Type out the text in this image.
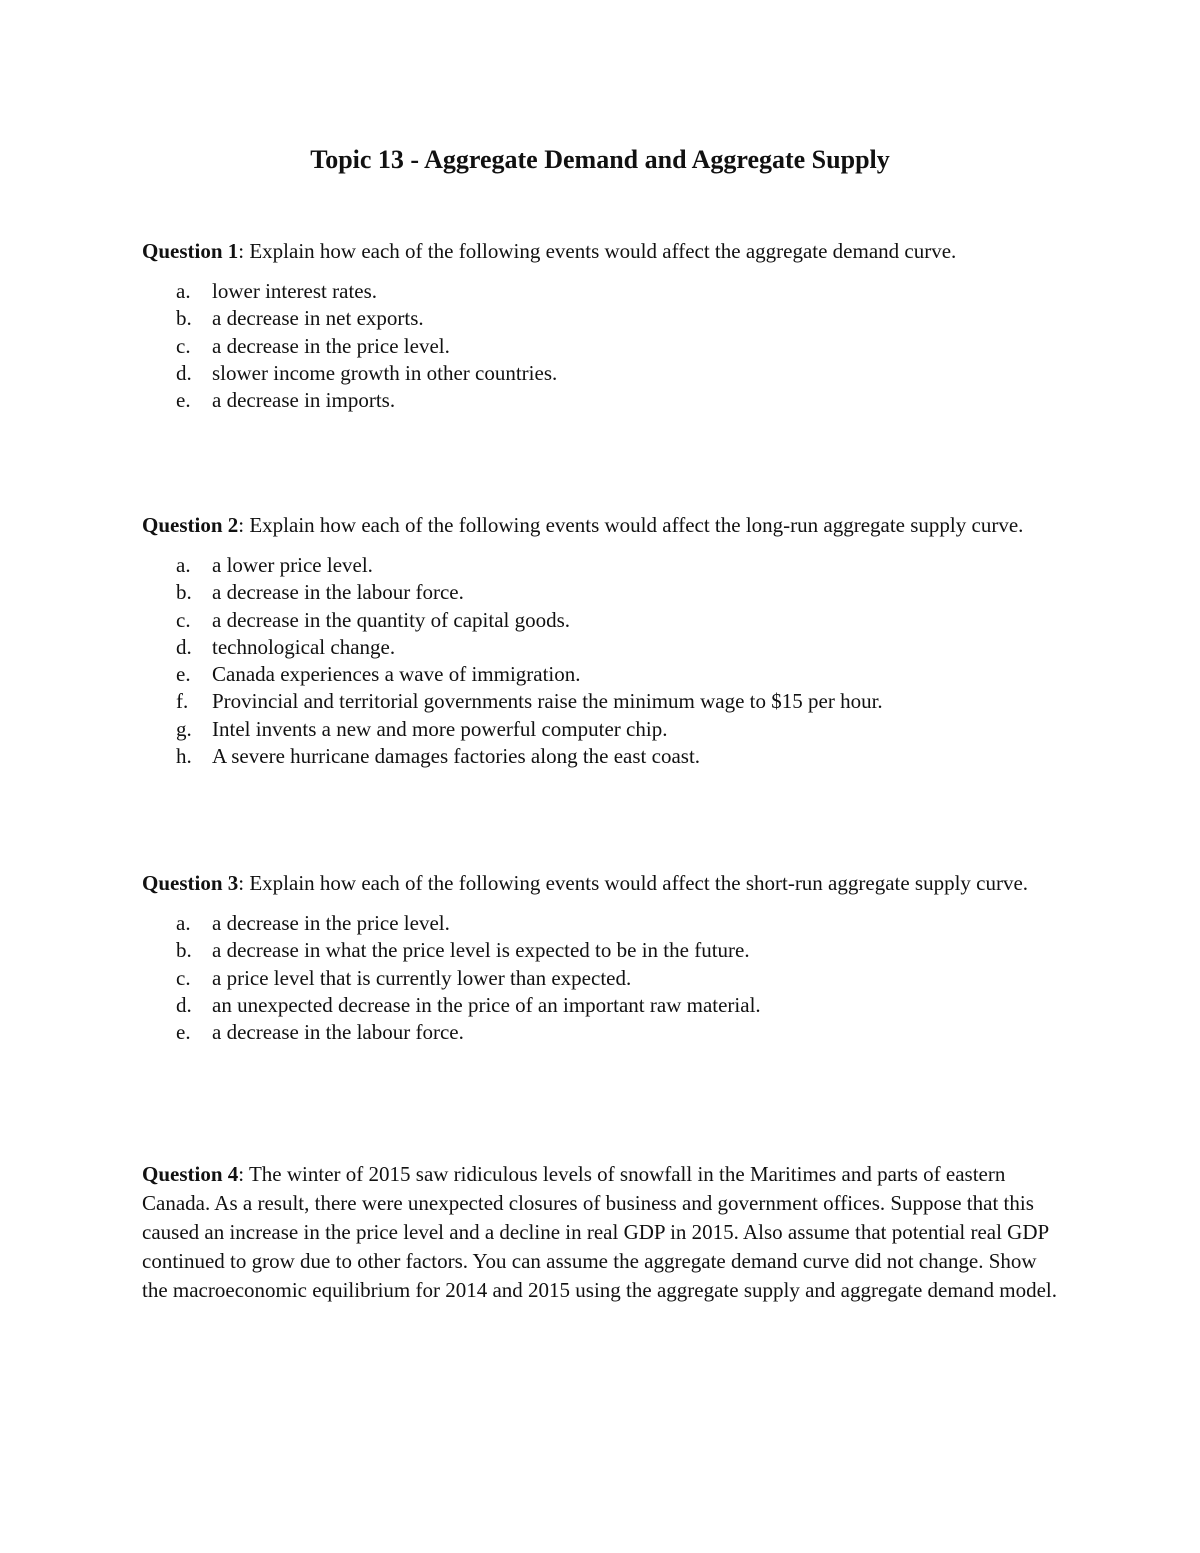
Topic 13 - Aggregate Demand and Aggregate Supply

Question 1: Explain how each of the following events would affect the aggregate demand curve.

a. lower interest rates.
b. a decrease in net exports.
c. a decrease in the price level.
d. slower income growth in other countries.
e. a decrease in imports.

Question 2: Explain how each of the following events would affect the long-run aggregate supply curve.

a. a lower price level.
b. a decrease in the labour force.
c. a decrease in the quantity of capital goods.
d. technological change.
e. Canada experiences a wave of immigration.
f. Provincial and territorial governments raise the minimum wage to $15 per hour.
g. Intel invents a new and more powerful computer chip.
h. A severe hurricane damages factories along the east coast.

Question 3: Explain how each of the following events would affect the short-run aggregate supply curve.

a. a decrease in the price level.
b. a decrease in what the price level is expected to be in the future.
c. a price level that is currently lower than expected.
d. an unexpected decrease in the price of an important raw material.
e. a decrease in the labour force.

Question 4: The winter of 2015 saw ridiculous levels of snowfall in the Maritimes and parts of eastern Canada. As a result, there were unexpected closures of business and government offices. Suppose that this caused an increase in the price level and a decline in real GDP in 2015. Also assume that potential real GDP continued to grow due to other factors. You can assume the aggregate demand curve did not change. Show the macroeconomic equilibrium for 2014 and 2015 using the aggregate supply and aggregate demand model.
